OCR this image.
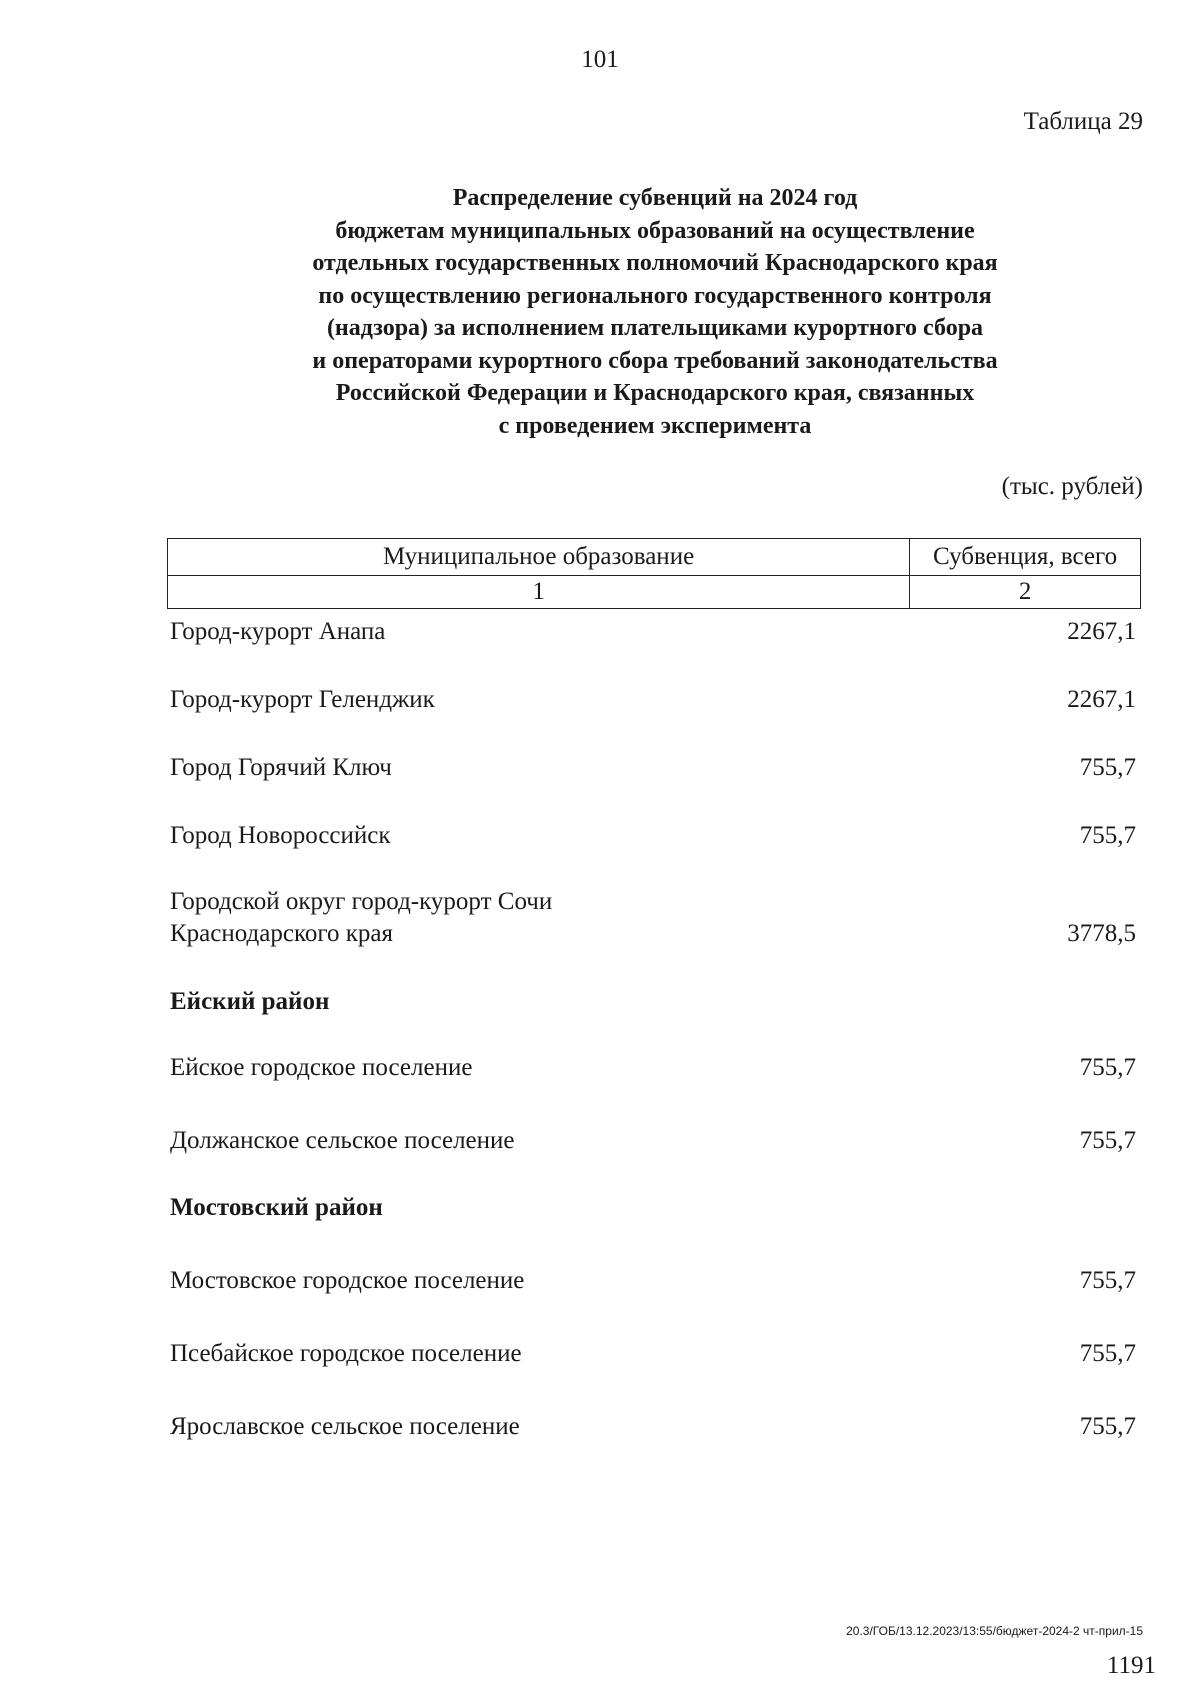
101
Таблица 29
Распределение субвенций на 2024 год
бюджетам муниципальных образований на осуществление
отдельных государственных полномочий Краснодарского края
по осуществлению регионального государственного контроля
(надзора) за исполнением плательщиками курортного сбора
и операторами курортного сбора требований законодательства
Российской Федерации и Краснодарского края, связанных
с проведением эксперимента
(тыс. рублей)
Муниципальное образование	Субвенция, всего
1	2
Город-курорт Анапа	2267,1
Город-курорт Геленджик	2267,1
Город Горячий Ключ	755,7
Город Новороссийск	755,7
Городской округ город-курорт Сочи
Краснодарского края	3778,5
Ейский район
Ейское городское поселение	755,7
Должанское сельское поселение	755,7
Мостовский район
Мостовское городское поселение	755,7
Псебайское городское поселение	755,7
Ярославское сельское поселение	755,7
20.3/ГОБ/13.12.2023/13:55/бюджет-2024-2 чт-прил-15
1191
